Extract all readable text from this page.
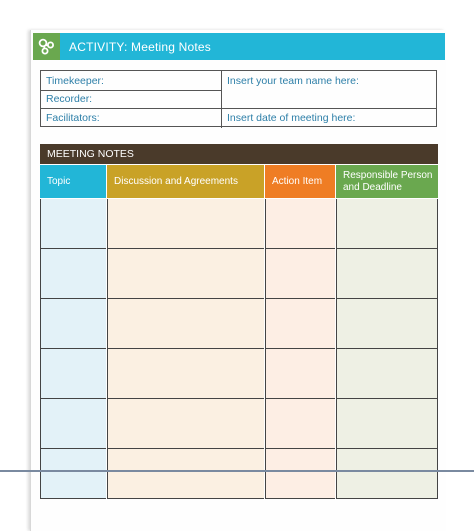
ACTIVITY: Meeting Notes
Timekeeper:
Recorder:
Facilitators:
Insert your team name here:
Insert date of meeting here:
MEETING NOTES
Topic	Discussion and Agreements	Action Item
Responsible Person and Deadline
